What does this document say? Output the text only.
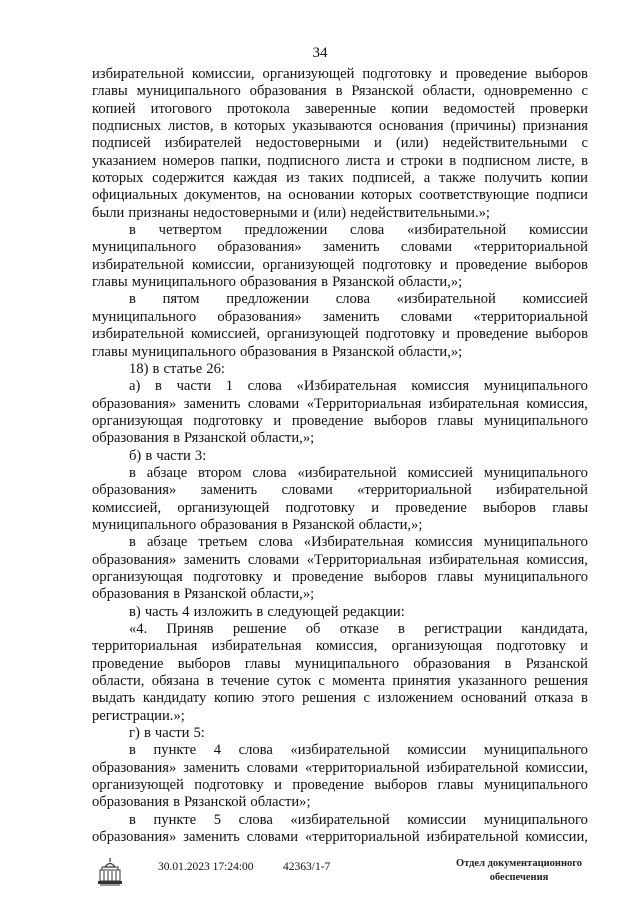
34
избирательной комиссии, организующей подготовку и проведение выборов
главы муниципального образования в Рязанской области, одновременно с
копией итогового протокола заверенные копии ведомостей проверки
подписных листов, в которых указываются основания (причины) признания
подписей избирателей недостоверными и (или) недействительными с
указанием номеров папки, подписного листа и строки в подписном листе, в
которых содержится каждая из таких подписей, а также получить копии
официальных документов, на основании которых соответствующие подписи
были признаны недостоверными и (или) недействительными.»;
в четвертом предложении слова «избирательной комиссии
муниципального образования» заменить словами «территориальной
избирательной комиссии, организующей подготовку и проведение выборов
главы муниципального образования в Рязанской области,»;
в пятом предложении слова «избирательной комиссией
муниципального образования» заменить словами «территориальной
избирательной комиссией, организующей подготовку и проведение выборов
главы муниципального образования в Рязанской области,»;
18) в статье 26:
а) в части 1 слова «Избирательная комиссия муниципального
образования» заменить словами «Территориальная избирательная комиссия,
организующая подготовку и проведение выборов главы муниципального
образования в Рязанской области,»;
б) в части 3:
в абзаце втором слова «избирательной комиссией муниципального
образования» заменить словами «территориальной избирательной
комиссией, организующей подготовку и проведение выборов главы
муниципального образования в Рязанской области,»;
в абзаце третьем слова «Избирательная комиссия муниципального
образования» заменить словами «Территориальная избирательная комиссия,
организующая подготовку и проведение выборов главы муниципального
образования в Рязанской области,»;
в) часть 4 изложить в следующей редакции:
«4. Приняв решение об отказе в регистрации кандидата,
территориальная избирательная комиссия, организующая подготовку и
проведение выборов главы муниципального образования в Рязанской
области, обязана в течение суток с момента принятия указанного решения
выдать кандидату копию этого решения с изложением оснований отказа в
регистрации.»;
г) в части 5:
в пункте 4 слова «избирательной комиссии муниципального
образования» заменить словами «территориальной избирательной комиссии,
организующей подготовку и проведение выборов главы муниципального
образования в Рязанской области»;
в пункте 5 слова «избирательной комиссии муниципального
образования» заменить словами «территориальной избирательной комиссии,
30.01.2023 17:24:00	42363/1-7	Отдел документационного
обеспечения
